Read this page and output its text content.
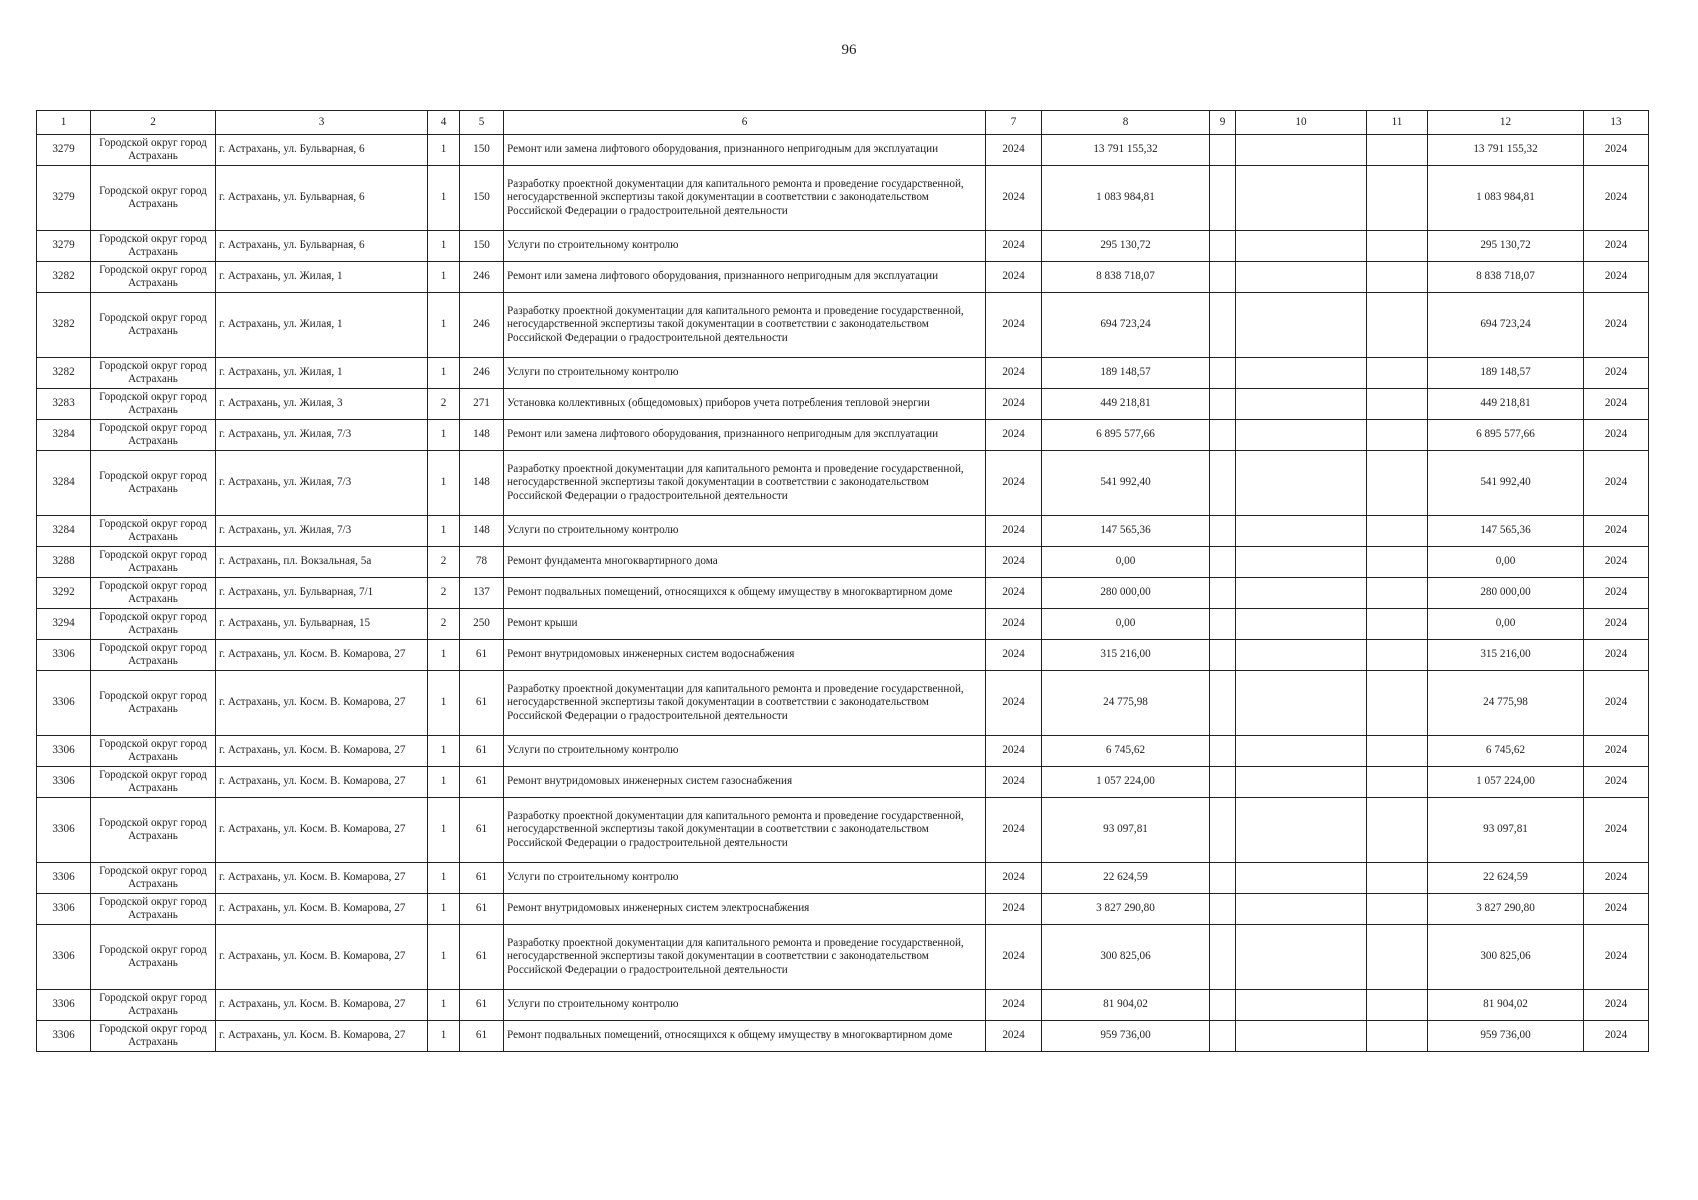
96
1	2	3	4	5	6	7	8	9	10	11	12	13
3279	Городской округ город Астрахань	г. Астрахань, ул. Бульварная, 6	1	150	Ремонт или замена лифтового оборудования, признанного непригодным для эксплуатации	2024	13 791 155,32				13 791 155,32	2024
3279	Городской округ город Астрахань	г. Астрахань, ул. Бульварная, 6	1	150	Разработку проектной документации для капитального ремонта и проведение государственной, негосударственной экспертизы такой документации в соответствии с законодательством Российской Федерации о градостроительной деятельности	2024	1 083 984,81				1 083 984,81	2024
3279	Городской округ город Астрахань	г. Астрахань, ул. Бульварная, 6	1	150	Услуги по строительному контролю	2024	295 130,72				295 130,72	2024
3282	Городской округ город Астрахань	г. Астрахань, ул. Жилая, 1	1	246	Ремонт или замена лифтового оборудования, признанного непригодным для эксплуатации	2024	8 838 718,07				8 838 718,07	2024
3282	Городской округ город Астрахань	г. Астрахань, ул. Жилая, 1	1	246	Разработку проектной документации для капитального ремонта и проведение государственной, негосударственной экспертизы такой документации в соответствии с законодательством Российской Федерации о градостроительной деятельности	2024	694 723,24				694 723,24	2024
3282	Городской округ город Астрахань	г. Астрахань, ул. Жилая, 1	1	246	Услуги по строительному контролю	2024	189 148,57				189 148,57	2024
3283	Городской округ город Астрахань	г. Астрахань, ул. Жилая, 3	2	271	Установка коллективных (общедомовых) приборов учета потребления тепловой энергии	2024	449 218,81				449 218,81	2024
3284	Городской округ город Астрахань	г. Астрахань, ул. Жилая, 7/3	1	148	Ремонт или замена лифтового оборудования, признанного непригодным для эксплуатации	2024	6 895 577,66				6 895 577,66	2024
3284	Городской округ город Астрахань	г. Астрахань, ул. Жилая, 7/3	1	148	Разработку проектной документации для капитального ремонта и проведение государственной, негосударственной экспертизы такой документации в соответствии с законодательством Российской Федерации о градостроительной деятельности	2024	541 992,40				541 992,40	2024
3284	Городской округ город Астрахань	г. Астрахань, ул. Жилая, 7/3	1	148	Услуги по строительному контролю	2024	147 565,36				147 565,36	2024
3288	Городской округ город Астрахань	г. Астрахань, пл. Вокзальная, 5а	2	78	Ремонт фундамента многоквартирного дома	2024	0,00				0,00	2024
3292	Городской округ город Астрахань	г. Астрахань, ул. Бульварная, 7/1	2	137	Ремонт подвальных помещений, относящихся к общему имуществу в многоквартирном доме	2024	280 000,00				280 000,00	2024
3294	Городской округ город Астрахань	г. Астрахань, ул. Бульварная, 15	2	250	Ремонт крыши	2024	0,00				0,00	2024
3306	Городской округ город Астрахань	г. Астрахань, ул. Косм. В. Комарова, 27	1	61	Ремонт внутридомовых инженерных систем водоснабжения	2024	315 216,00				315 216,00	2024
3306	Городской округ город Астрахань	г. Астрахань, ул. Косм. В. Комарова, 27	1	61	Разработку проектной документации для капитального ремонта и проведение государственной, негосударственной экспертизы такой документации в соответствии с законодательством Российской Федерации о градостроительной деятельности	2024	24 775,98				24 775,98	2024
3306	Городской округ город Астрахань	г. Астрахань, ул. Косм. В. Комарова, 27	1	61	Услуги по строительному контролю	2024	6 745,62				6 745,62	2024
3306	Городской округ город Астрахань	г. Астрахань, ул. Косм. В. Комарова, 27	1	61	Ремонт внутридомовых инженерных систем газоснабжения	2024	1 057 224,00				1 057 224,00	2024
3306	Городской округ город Астрахань	г. Астрахань, ул. Косм. В. Комарова, 27	1	61	Разработку проектной документации для капитального ремонта и проведение государственной, негосударственной экспертизы такой документации в соответствии с законодательством Российской Федерации о градостроительной деятельности	2024	93 097,81				93 097,81	2024
3306	Городской округ город Астрахань	г. Астрахань, ул. Косм. В. Комарова, 27	1	61	Услуги по строительному контролю	2024	22 624,59				22 624,59	2024
3306	Городской округ город Астрахань	г. Астрахань, ул. Косм. В. Комарова, 27	1	61	Ремонт внутридомовых инженерных систем электроснабжения	2024	3 827 290,80				3 827 290,80	2024
3306	Городской округ город Астрахань	г. Астрахань, ул. Косм. В. Комарова, 27	1	61	Разработку проектной документации для капитального ремонта и проведение государственной, негосударственной экспертизы такой документации в соответствии с законодательством Российской Федерации о градостроительной деятельности	2024	300 825,06				300 825,06	2024
3306	Городской округ город Астрахань	г. Астрахань, ул. Косм. В. Комарова, 27	1	61	Услуги по строительному контролю	2024	81 904,02				81 904,02	2024
3306	Городской округ город Астрахань	г. Астрахань, ул. Косм. В. Комарова, 27	1	61	Ремонт подвальных помещений, относящихся к общему имуществу в многоквартирном доме	2024	959 736,00				959 736,00	2024
